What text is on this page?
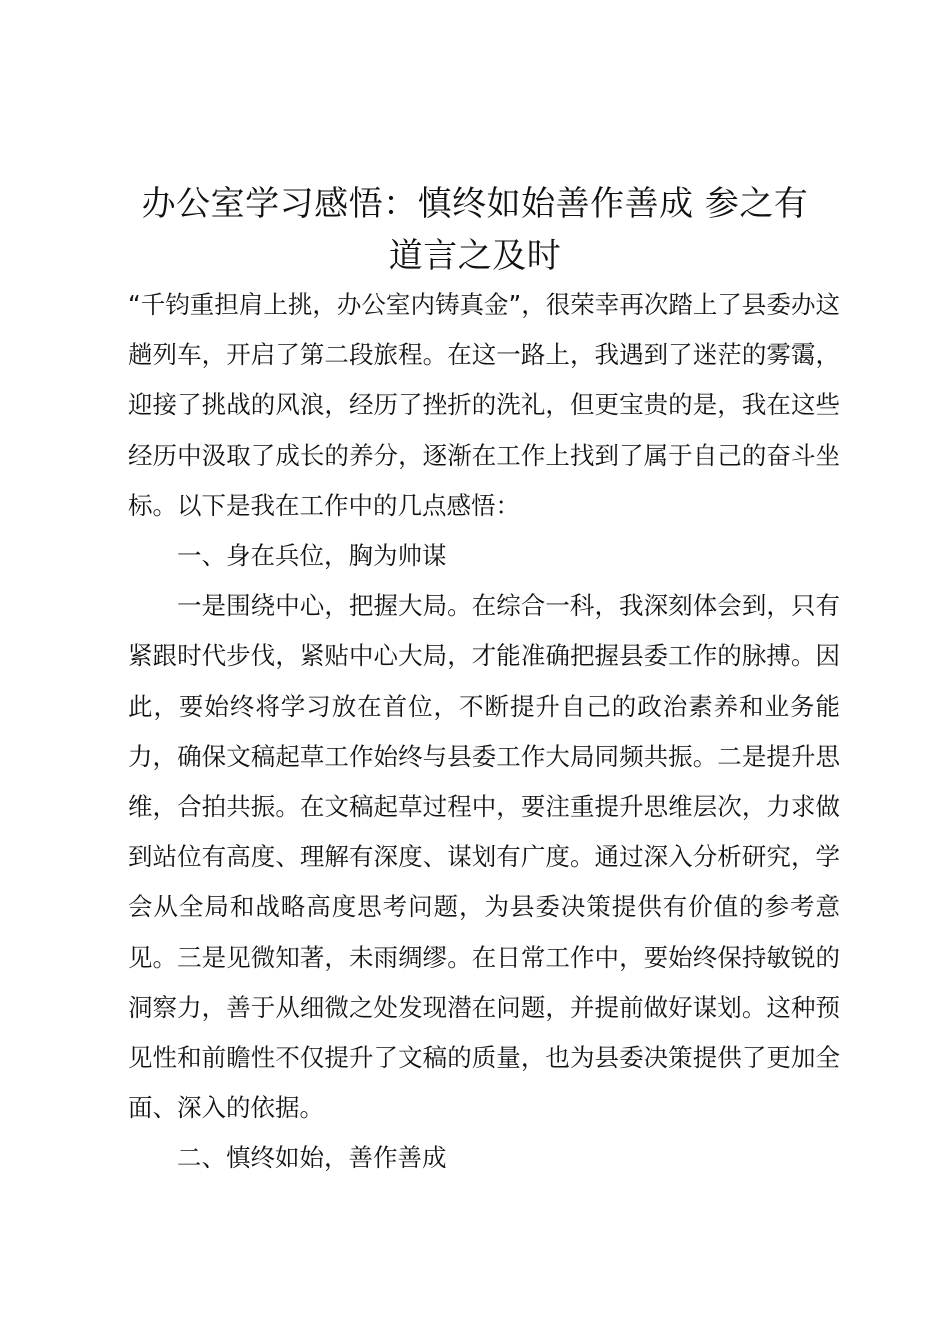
办公室学习感悟：慎终如始善作善成 参之有
道言之及时

“千钧重担肩上挑，办公室内铸真金”，很荣幸再次踏上了县委办这趟列车，开启了第二段旅程。在这一路上，我遇到了迷茫的雾霭，迎接了挑战的风浪，经历了挫折的洗礼，但更宝贵的是，我在这些经历中汲取了成长的养分，逐渐在工作上找到了属于自己的奋斗坐标。以下是我在工作中的几点感悟：

一、身在兵位，胸为帅谋

一是围绕中心，把握大局。在综合一科，我深刻体会到，只有紧跟时代步伐，紧贴中心大局，才能准确把握县委工作的脉搏。因此，要始终将学习放在首位，不断提升自己的政治素养和业务能力，确保文稿起草工作始终与县委工作大局同频共振。二是提升思维，合拍共振。在文稿起草过程中，要注重提升思维层次，力求做到站位有高度、理解有深度、谋划有广度。通过深入分析研究，学会从全局和战略高度思考问题，为县委决策提供有价值的参考意见。三是见微知著，未雨绸缪。在日常工作中，要始终保持敏锐的洞察力，善于从细微之处发现潜在问题，并提前做好谋划。这种预见性和前瞻性不仅提升了文稿的质量，也为县委决策提供了更加全面、深入的依据。

二、慎终如始，善作善成
